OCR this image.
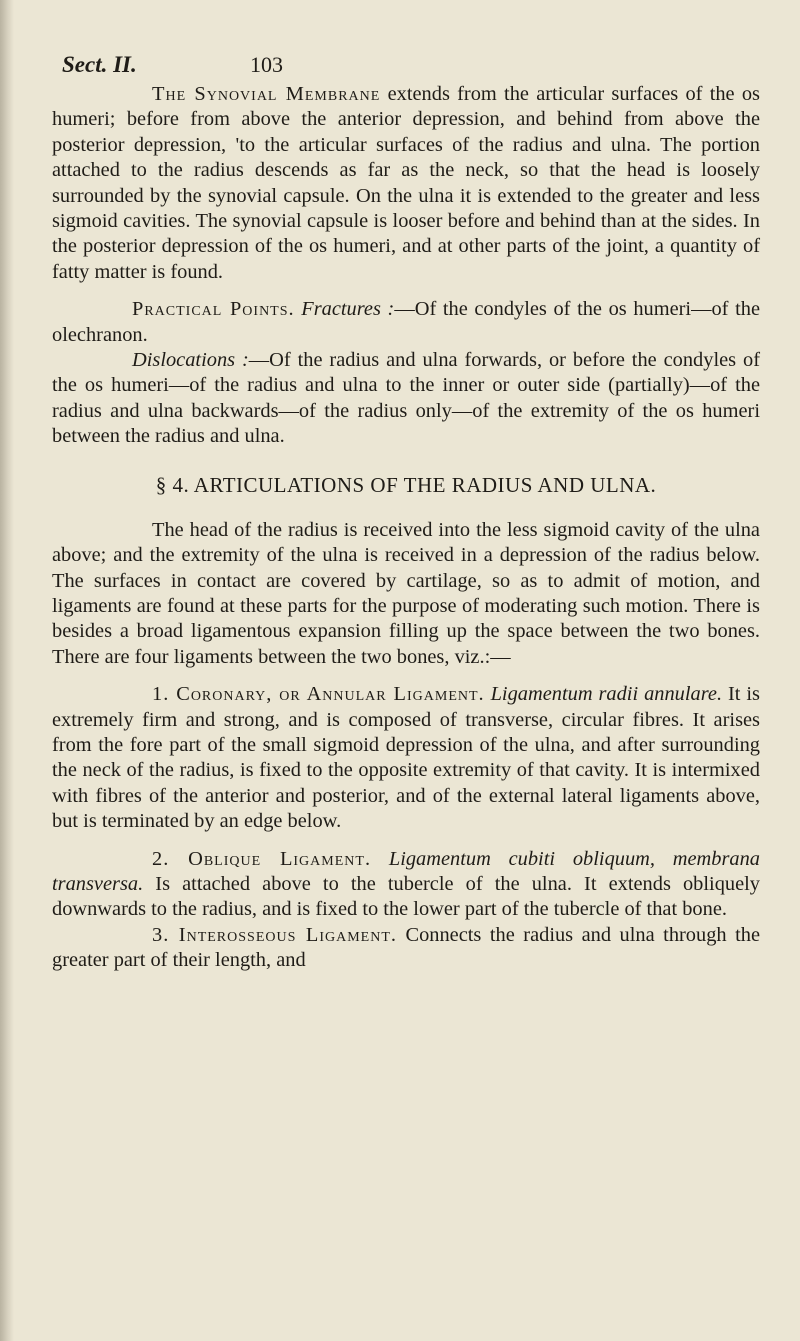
Sect. II.	103

The Synovial Membrane extends from the articular surfaces of the os humeri; before from above the anterior depression, and behind from above the posterior depression, 'to the articular surfaces of the radius and ulna. The portion attached to the radius descends as far as the neck, so that the head is loosely surrounded by the synovial capsule. On the ulna it is extended to the greater and less sigmoid cavities. The synovial capsule is looser before and behind than at the sides. In the posterior depression of the os humeri, and at other parts of the joint, a quantity of fatty matter is found.

Practical Points. Fractures :—Of the condyles of the os humeri—of the olechranon.

Dislocations :—Of the radius and ulna forwards, or before the condyles of the os humeri—of the radius and ulna to the inner or outer side (partially)—of the radius and ulna backwards—of the radius only—of the extremity of the os humeri between the radius and ulna.

§ 4. ARTICULATIONS OF THE RADIUS AND ULNA.

The head of the radius is received into the less sigmoid cavity of the ulna above; and the extremity of the ulna is received in a depression of the radius below. The surfaces in contact are covered by cartilage, so as to admit of motion, and ligaments are found at these parts for the purpose of moderating such motion. There is besides a broad ligamentous expansion filling up the space between the two bones. There are four ligaments between the two bones, viz.:—

1. Coronary, or Annular Ligament. Ligamentum radii annulare. It is extremely firm and strong, and is composed of transverse, circular fibres. It arises from the fore part of the small sigmoid depression of the ulna, and after surrounding the neck of the radius, is fixed to the opposite extremity of that cavity. It is intermixed with fibres of the anterior and posterior, and of the external lateral ligaments above, but is terminated by an edge below.

2. Oblique Ligament. Ligamentum cubiti obliquum, membrana transversa. Is attached above to the tubercle of the ulna. It extends obliquely downwards to the radius, and is fixed to the lower part of the tubercle of that bone.

3. Interosseous Ligament. Connects the radius and ulna through the greater part of their length, and
